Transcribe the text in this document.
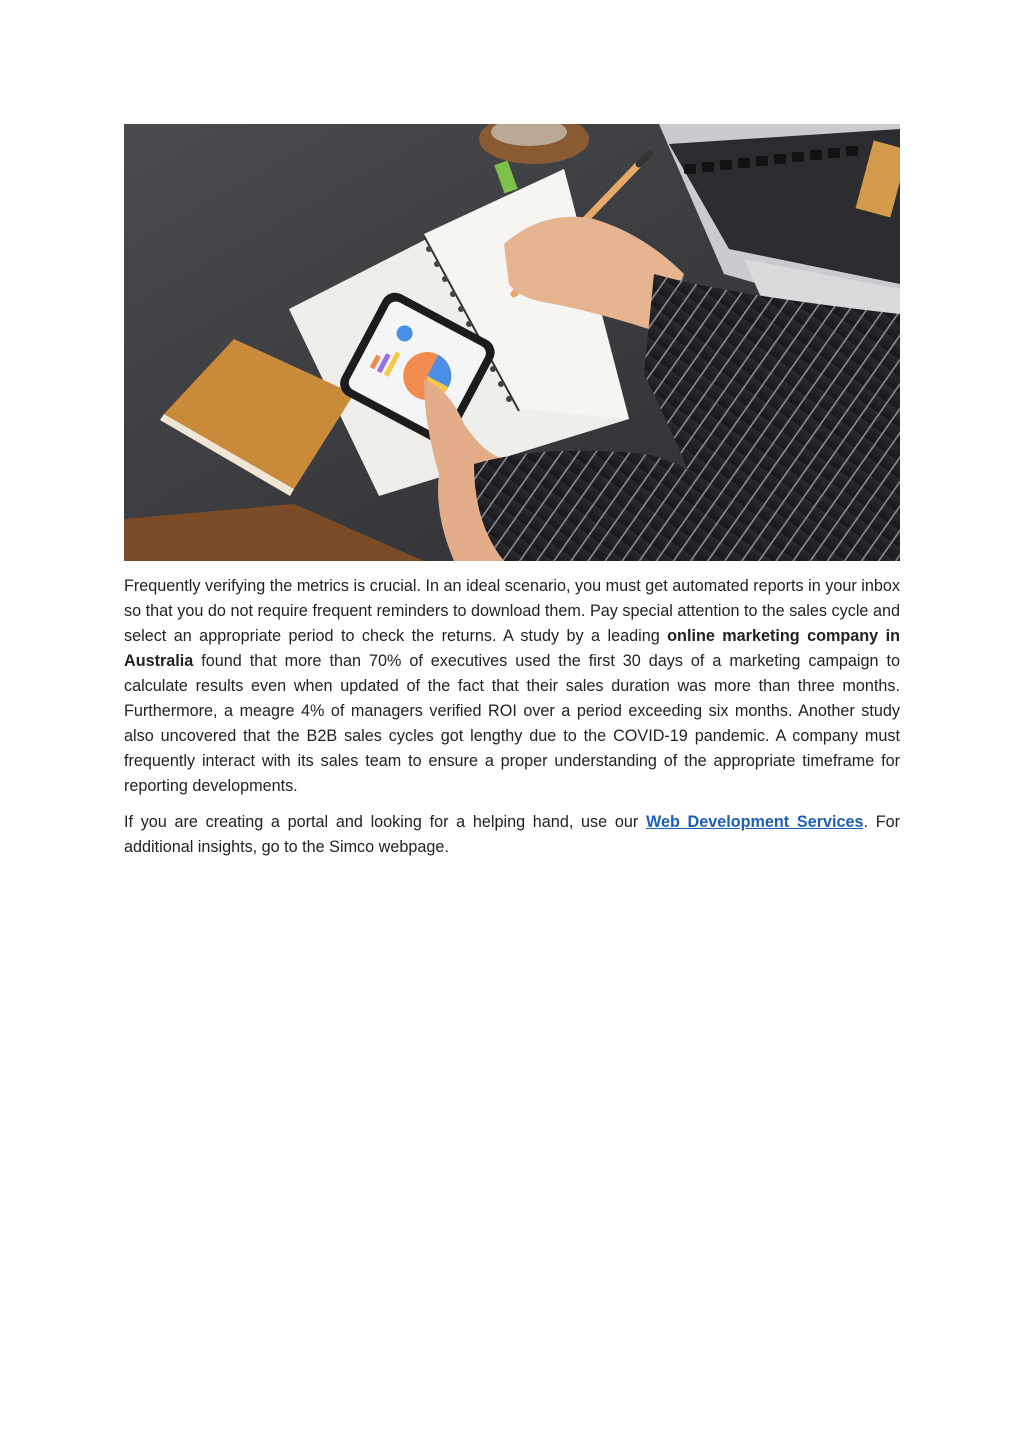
Frequently verifying the metrics is crucial. In an ideal scenario, you must get automated reports in your inbox so that you do not require frequent reminders to download them. Pay special attention to the sales cycle and select an appropriate period to check the returns. A study by a leading online marketing company in Australia found that more than 70% of executives used the first 30 days of a marketing campaign to calculate results even when updated of the fact that their sales duration was more than three months. Furthermore, a meagre 4% of managers verified ROI over a period exceeding six months. Another study also uncovered that the B2B sales cycles got lengthy due to the COVID-19 pandemic. A company must frequently interact with its sales team to ensure a proper understanding of the appropriate timeframe for reporting developments.

If you are creating a portal and looking for a helping hand, use our Web Development Services. For additional insights, go to the Simco webpage.
